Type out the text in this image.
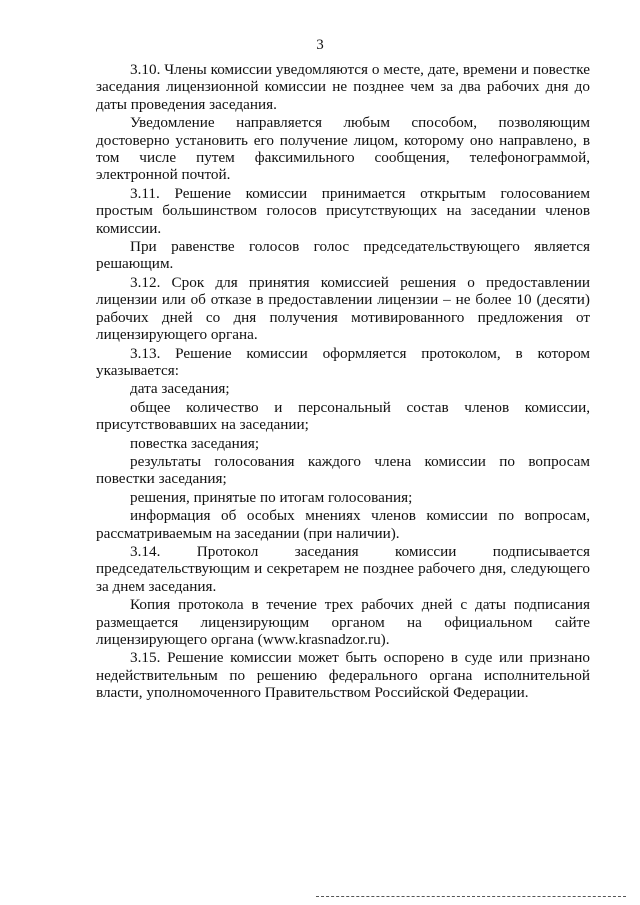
3

3.10. Члены комиссии уведомляются о месте, дате, времени и повестке заседания лицензионной комиссии не позднее чем за два рабочих дня до даты проведения заседания.

Уведомление направляется любым способом, позволяющим достоверно установить его получение лицом, которому оно направлено, в том числе путем факсимильного сообщения, телефонограммой, электронной почтой.

3.11. Решение комиссии принимается открытым голосованием простым большинством голосов присутствующих на заседании членов комиссии.

При равенстве голосов голос председательствующего является решающим.

3.12. Срок для принятия комиссией решения о предоставлении лицензии или об отказе в предоставлении лицензии – не более 10 (десяти) рабочих дней со дня получения мотивированного предложения от лицензирующего органа.

3.13. Решение комиссии оформляется протоколом, в котором указывается:

дата заседания;

общее количество и персональный состав членов комиссии, присутствовавших на заседании;

повестка заседания;

результаты голосования каждого члена комиссии по вопросам повестки заседания;

решения, принятые по итогам голосования;

информация об особых мнениях членов комиссии по вопросам, рассматриваемым на заседании (при наличии).

3.14. Протокол заседания комиссии подписывается председательствующим и секретарем не позднее рабочего дня, следующего за днем заседания.

Копия протокола в течение трех рабочих дней с даты подписания размещается лицензирующим органом на официальном сайте лицензирующего органа (www.krasnadzor.ru).

3.15. Решение комиссии может быть оспорено в суде или признано недействительным по решению федерального органа исполнительной власти, уполномоченного Правительством Российской Федерации.
